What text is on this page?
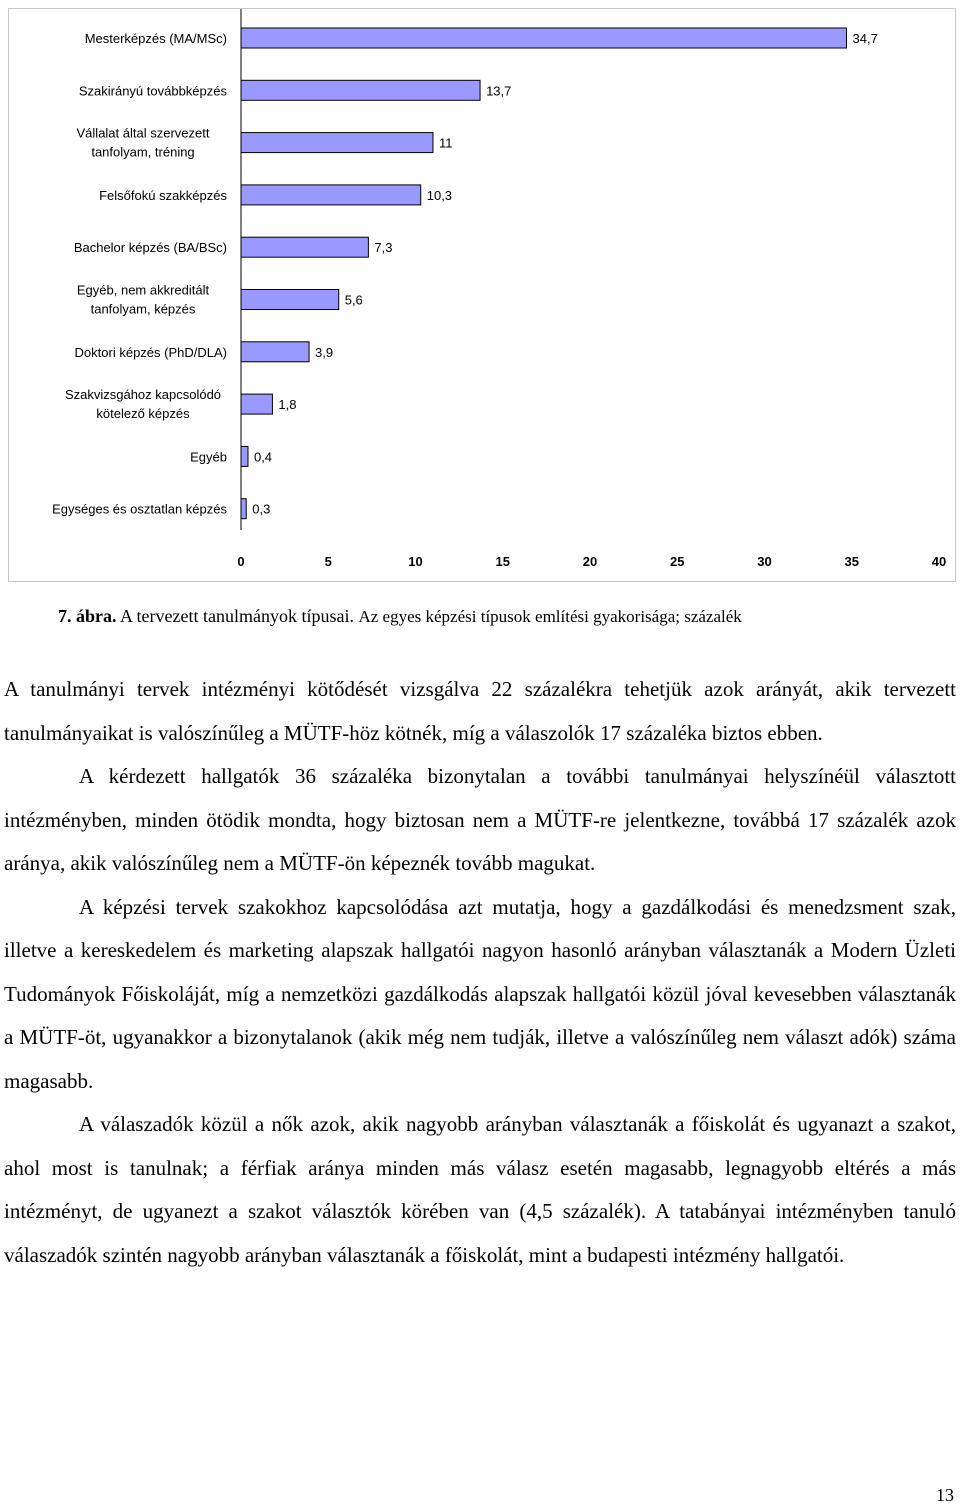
34,7
Mesterképzés (MA/MSc)
13,7
Szakirányú továbbképzés
11
Vállalat által szervezett tanfolyam, tréning
10,3
Felsőfokú szakképzés
7,3
Bachelor képzés (BA/BSc)
5,6
Egyéb, nem akkreditált tanfolyam, képzés
3,9
Doktori képzés (PhD/DLA)
1,8
Szakvizsgához kapcsolódó kötelező képzés
0,4
Egyéb
0,3
Egységes és osztatlan képzés
0	5	10	15	20	25	30	35	40
7. ábra. A tervezett tanulmányok típusai. Az egyes képzési típusok említési gyakorisága; százalék

A tanulmányi tervek intézményi kötődését vizsgálva 22 százalékra tehetjük azok arányát, akik tervezett tanulmányaikat is valószínűleg a MÜTF-höz kötnék, míg a válaszolók 17 százaléka biztos ebben.

A kérdezett hallgatók 36 százaléka bizonytalan a további tanulmányai helyszínéül választott intézményben, minden ötödik mondta, hogy biztosan nem a MÜTF-re jelentkezne, továbbá 17 százalék azok aránya, akik valószínűleg nem a MÜTF-ön képeznék tovább magukat.

A képzési tervek szakokhoz kapcsolódása azt mutatja, hogy a gazdálkodási és menedzsment szak, illetve a kereskedelem és marketing alapszak hallgatói nagyon hasonló arányban választanák a Modern Üzleti Tudományok Főiskoláját, míg a nemzetközi gazdálkodás alapszak hallgatói közül jóval kevesebben választanák a MÜTF-öt, ugyanakkor a bizonytalanok (akik még nem tudják, illetve a valószínűleg nem választ adók) száma magasabb.

A válaszadók közül a nők azok, akik nagyobb arányban választanák a főiskolát és ugyanazt a szakot, ahol most is tanulnak; a férfiak aránya minden más válasz esetén magasabb, legnagyobb eltérés a más intézményt, de ugyanezt a szakot választók körében van (4,5 százalék). A tatabányai intézményben tanuló válaszadók szintén nagyobb arányban választanák a főiskolát, mint a budapesti intézmény hallgatói.

13
